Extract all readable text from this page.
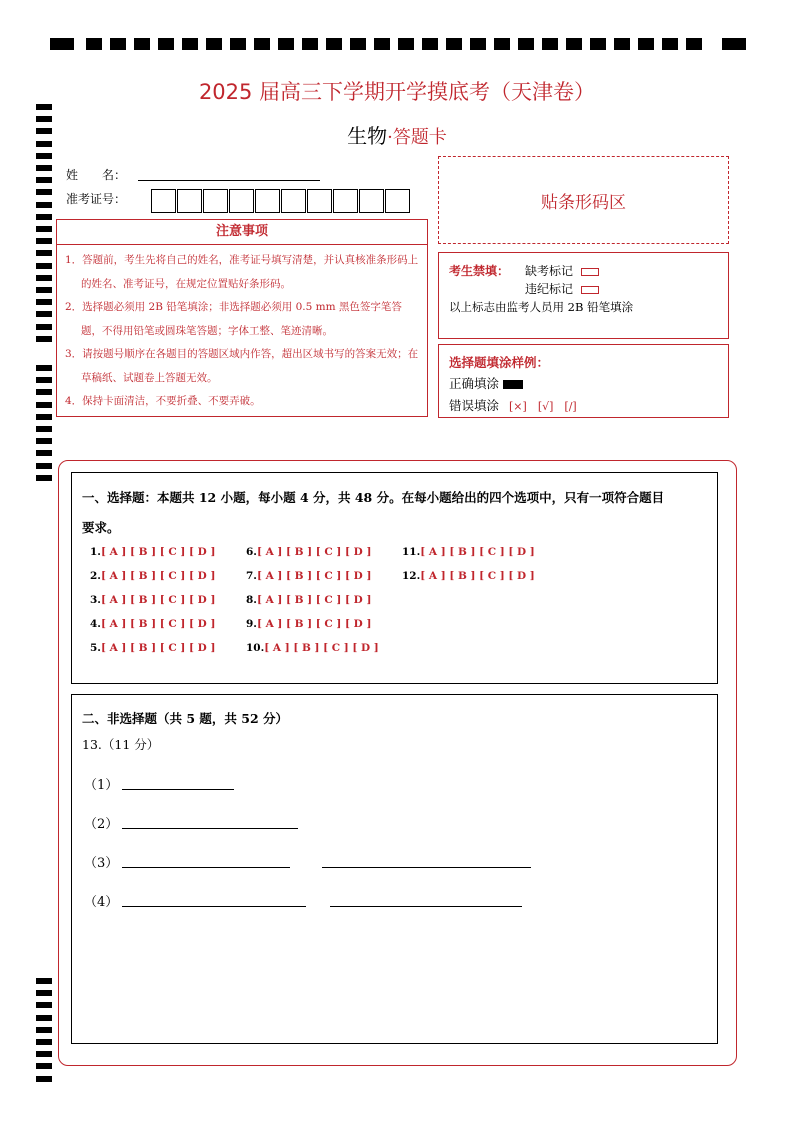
2025 届高三下学期开学摸底考（天津卷）
生物·答题卡
姓　　名：
准考证号：	贴条形码区
注意事项
1．答题前，考生先将自己的姓名，准考证号填写清楚，并认真核准条形码上的姓名、准考证号，在规定位置贴好条形码。
2．选择题必须用 2B 铅笔填涂；非选择题必须用 0.5 mm 黑色签字笔答题，不得用铅笔或圆珠笔答题；字体工整、笔迹清晰。
3．请按题号顺序在各题目的答题区域内作答，超出区域书写的答案无效；在草稿纸、试题卷上答题无效。
4．保持卡面清洁，不要折叠、不要弄破。
考生禁填： 缺考标记
违纪标记
以上标志由监考人员用 2B 铅笔填涂
选择题填涂样例：
正确填涂
错误填涂 [×]　[√]　[/]
一、选择题：本题共 12 小题，每小题 4 分，共 48 分。在每小题给出的四个选项中，只有一项符合题目
要求。
1.[ A ] [ B ] [ C ] [ D ]
2.[ A ] [ B ] [ C ] [ D ]
3.[ A ] [ B ] [ C ] [ D ]
4.[ A ] [ B ] [ C ] [ D ]
5.[ A ] [ B ] [ C ] [ D ]
6.[ A ] [ B ] [ C ] [ D ]
7.[ A ] [ B ] [ C ] [ D ]
8.[ A ] [ B ] [ C ] [ D ]
9.[ A ] [ B ] [ C ] [ D ]
10.[ A ] [ B ] [ C ] [ D ]
11.[ A ] [ B ] [ C ] [ D ]
12.[ A ] [ B ] [ C ] [ D ]
二、非选择题（共 5 题，共 52 分）
13.（11 分）
（1）
（2）
（3）
（4）
